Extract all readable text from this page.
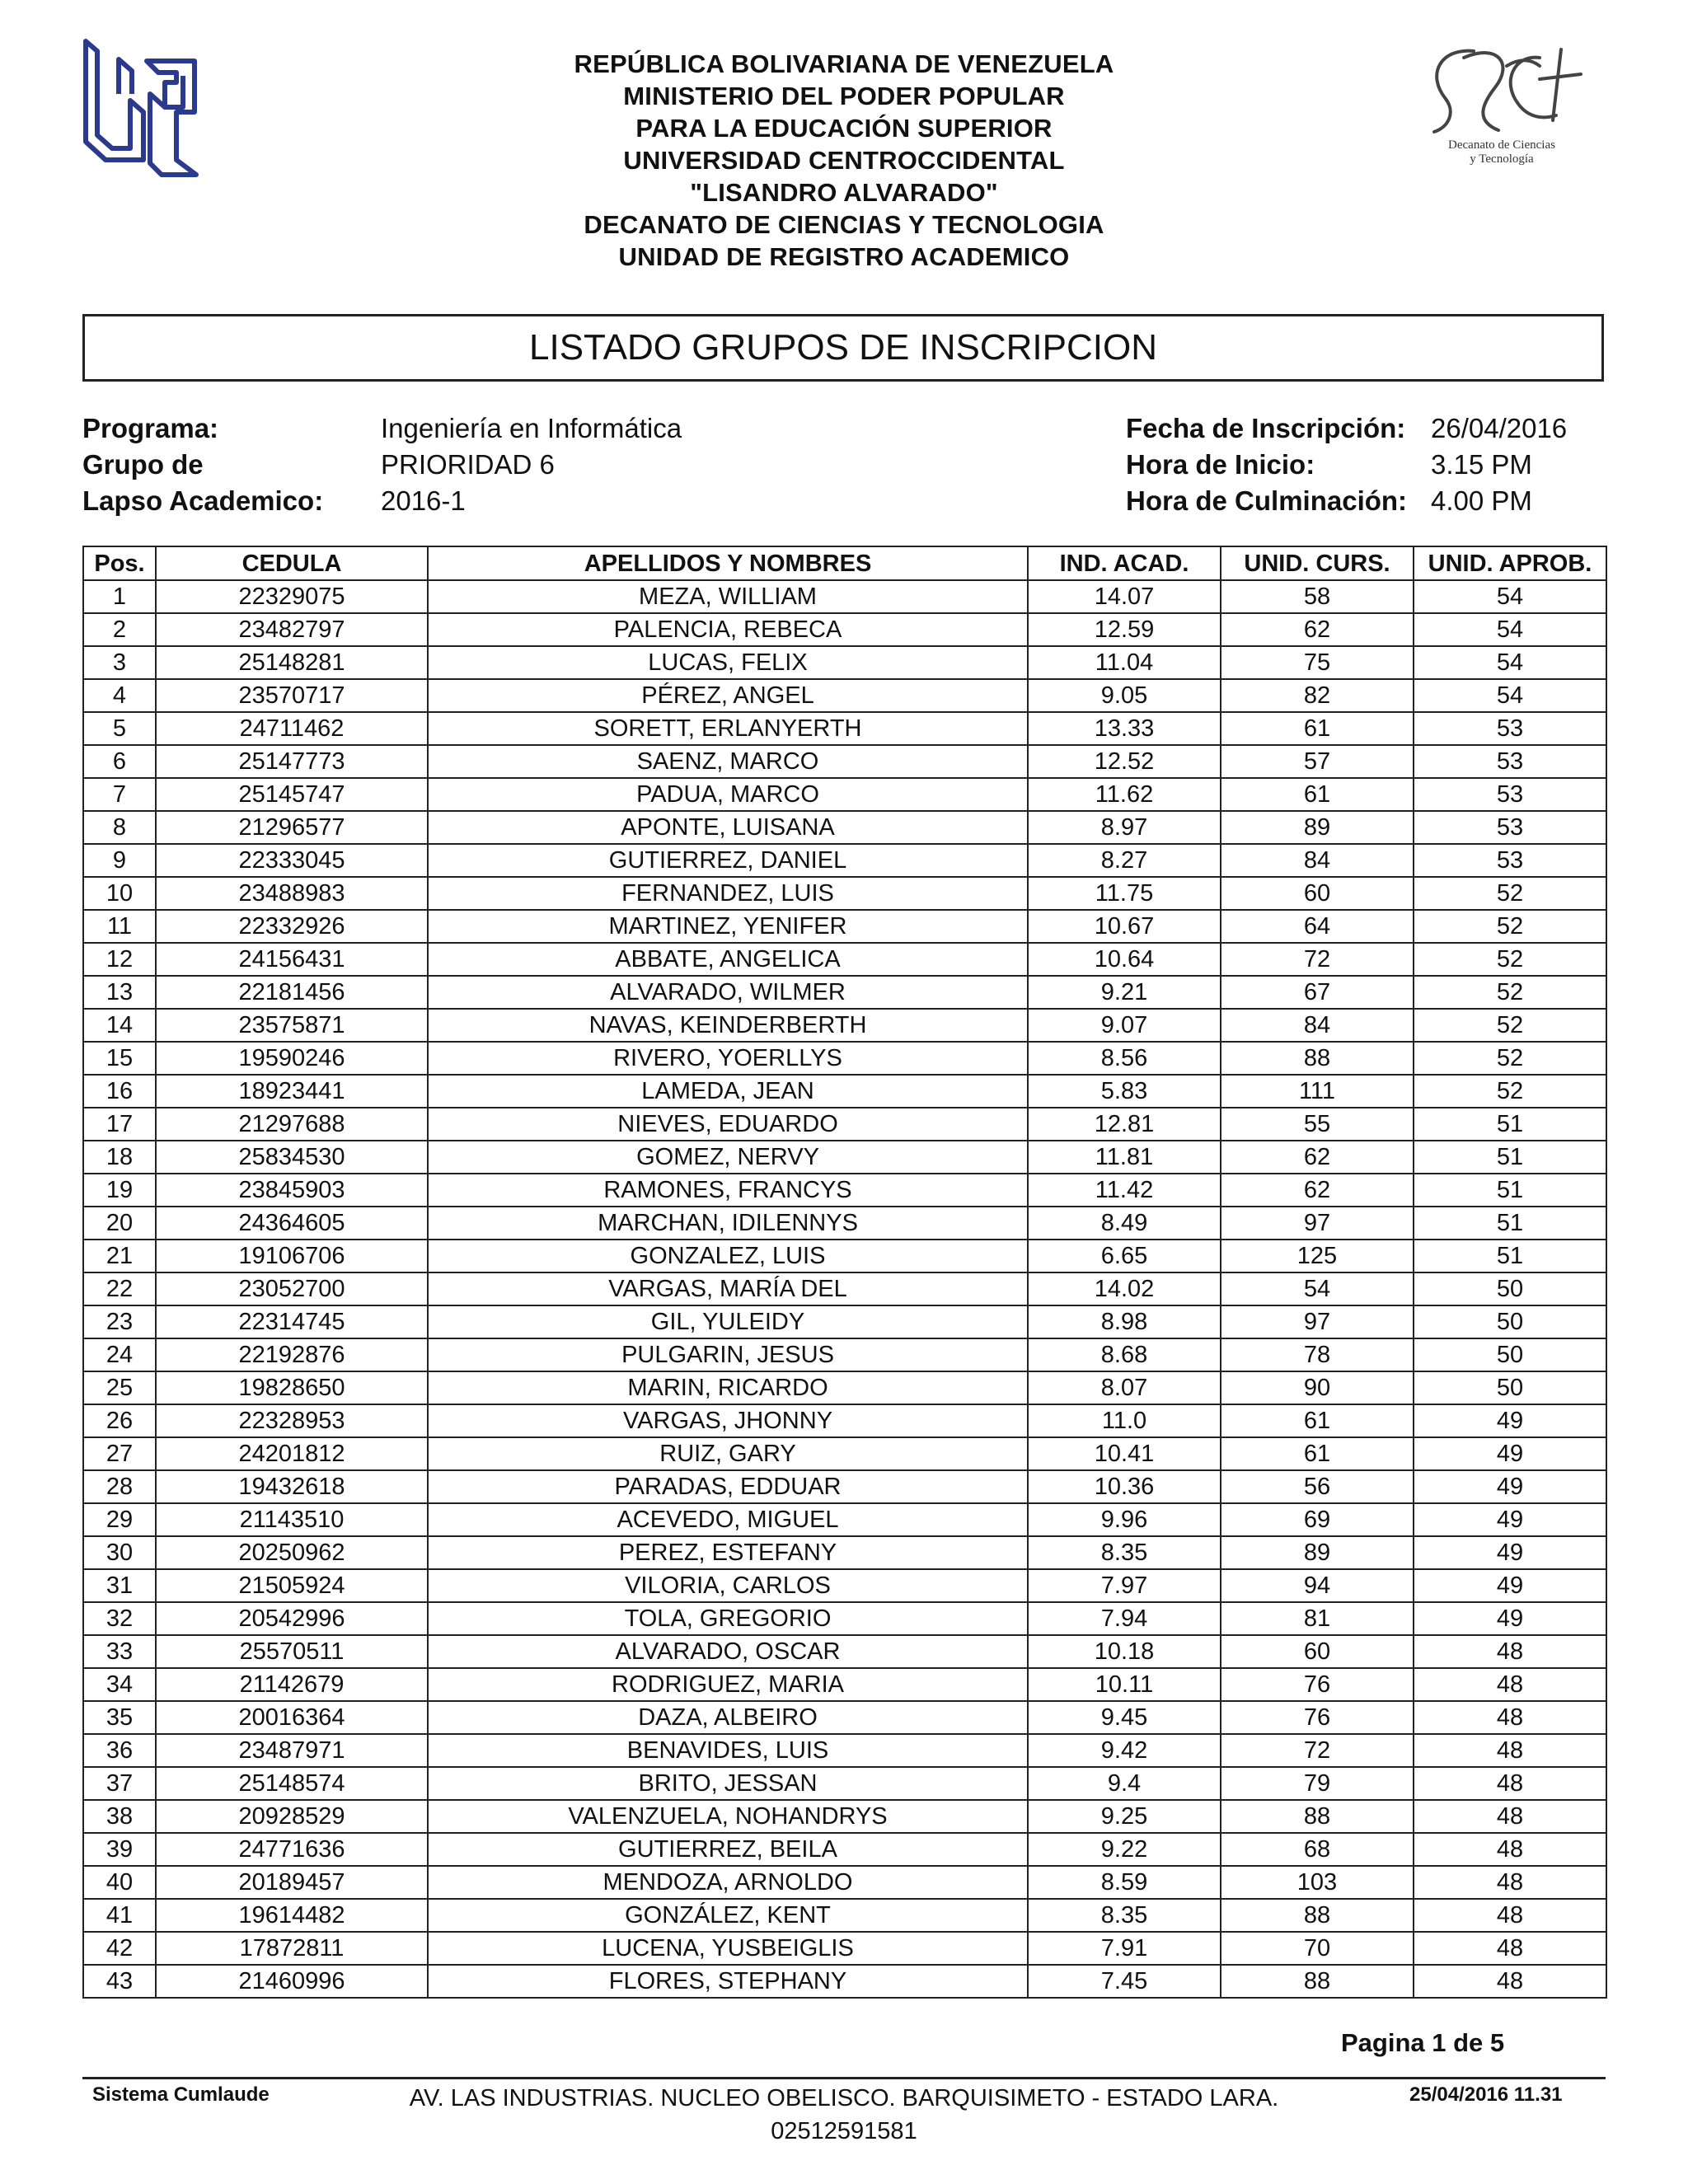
Decanato de Ciencias
y Tecnología
REPÚBLICA BOLIVARIANA DE VENEZUELA
MINISTERIO DEL PODER POPULAR
PARA LA EDUCACIÓN SUPERIOR
UNIVERSIDAD CENTROCCIDENTAL
"LISANDRO ALVARADO"
DECANATO DE CIENCIAS Y TECNOLOGIA
UNIDAD DE REGISTRO ACADEMICO
LISTADO GRUPOS DE INSCRIPCION
Programa:	Ingeniería en Informática
Grupo de	PRIORIDAD 6
Lapso Academico: 2016-1
Fecha de Inscripción: 26/04/2016
Hora de Inicio:	3.15 PM
Hora de Culminación: 4.00 PM
Pos.	CEDULA	APELLIDOS Y NOMBRES	IND. ACAD.	UNID. CURS.	UNID. APROB.
1	22329075	MEZA, WILLIAM	14.07	58	54
2	23482797	PALENCIA, REBECA	12.59	62	54
3	25148281	LUCAS, FELIX	11.04	75	54
4	23570717	PÉREZ, ANGEL	9.05	82	54
5	24711462	SORETT, ERLANYERTH	13.33	61	53
6	25147773	SAENZ, MARCO	12.52	57	53
7	25145747	PADUA, MARCO	11.62	61	53
8	21296577	APONTE, LUISANA	8.97	89	53
9	22333045	GUTIERREZ, DANIEL	8.27	84	53
10	23488983	FERNANDEZ, LUIS	11.75	60	52
11	22332926	MARTINEZ, YENIFER	10.67	64	52
12	24156431	ABBATE, ANGELICA	10.64	72	52
13	22181456	ALVARADO, WILMER	9.21	67	52
14	23575871	NAVAS, KEINDERBERTH	9.07	84	52
15	19590246	RIVERO, YOERLLYS	8.56	88	52
16	18923441	LAMEDA, JEAN	5.83	111	52
17	21297688	NIEVES, EDUARDO	12.81	55	51
18	25834530	GOMEZ, NERVY	11.81	62	51
19	23845903	RAMONES, FRANCYS	11.42	62	51
20	24364605	MARCHAN, IDILENNYS	8.49	97	51
21	19106706	GONZALEZ, LUIS	6.65	125	51
22	23052700	VARGAS, MARÍA DEL	14.02	54	50
23	22314745	GIL, YULEIDY	8.98	97	50
24	22192876	PULGARIN, JESUS	8.68	78	50
25	19828650	MARIN, RICARDO	8.07	90	50
26	22328953	VARGAS, JHONNY	11.0	61	49
27	24201812	RUIZ, GARY	10.41	61	49
28	19432618	PARADAS, EDDUAR	10.36	56	49
29	21143510	ACEVEDO, MIGUEL	9.96	69	49
30	20250962	PEREZ, ESTEFANY	8.35	89	49
31	21505924	VILORIA, CARLOS	7.97	94	49
32	20542996	TOLA, GREGORIO	7.94	81	49
33	25570511	ALVARADO, OSCAR	10.18	60	48
34	21142679	RODRIGUEZ, MARIA	10.11	76	48
35	20016364	DAZA, ALBEIRO	9.45	76	48
36	23487971	BENAVIDES, LUIS	9.42	72	48
37	25148574	BRITO, JESSAN	9.4	79	48
38	20928529	VALENZUELA, NOHANDRYS	9.25	88	48
39	24771636	GUTIERREZ, BEILA	9.22	68	48
40	20189457	MENDOZA, ARNOLDO	8.59	103	48
41	19614482	GONZÁLEZ, KENT	8.35	88	48
42	17872811	LUCENA, YUSBEIGLIS	7.91	70	48
43	21460996	FLORES, STEPHANY	7.45	88	48
Pagina 1 de 5
Sistema Cumlaude	AV. LAS INDUSTRIAS. NUCLEO OBELISCO. BARQUISIMETO - ESTADO LARA.
02512591581
25/04/2016 11.31
